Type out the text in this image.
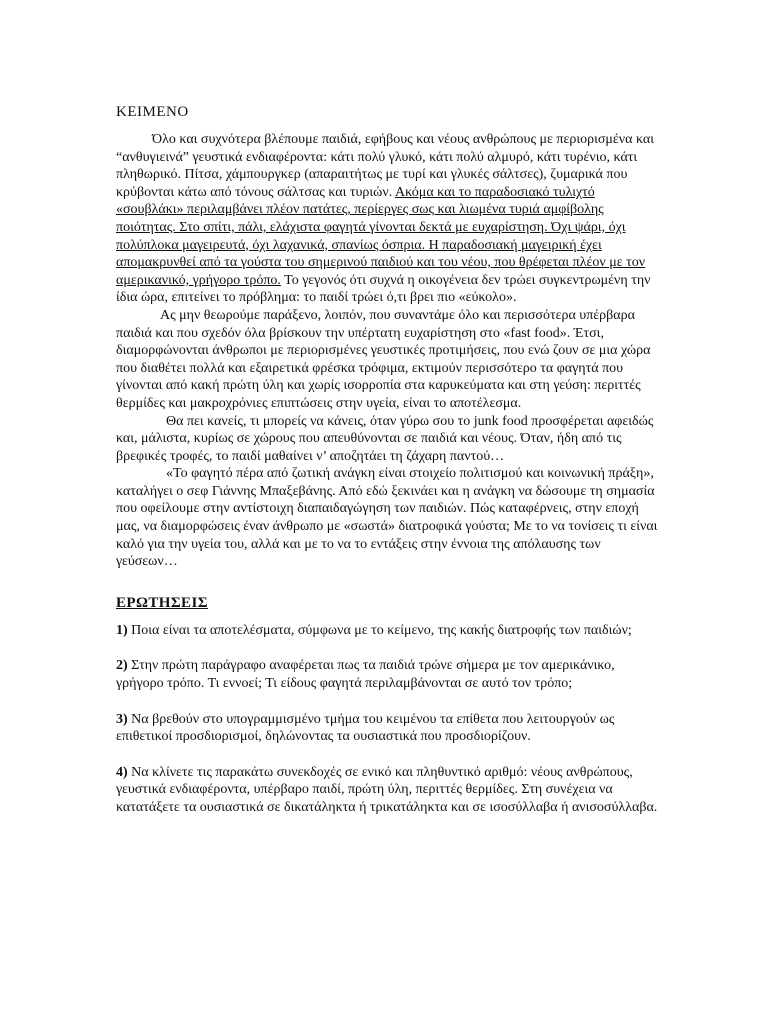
ΚΕΙΜΕΝΟ

Όλο και συχνότερα βλέπουμε παιδιά, εφήβους και νέους ανθρώπους με περιορισμένα και “ανθυγιεινά” γευστικά ενδιαφέροντα: κάτι πολύ γλυκό, κάτι πολύ αλμυρό, κάτι τυρένιο, κάτι πληθωρικό. Πίτσα, χάμπουργκερ (απαραιτήτως με τυρί και γλυκές σάλτσες), ζυμαρικά που κρύβονται κάτω από τόνους σάλτσας και τυριών. Ακόμα και το παραδοσιακό τυλιχτό «σουβλάκι» περιλαμβάνει πλέον πατάτες, περίεργες σως και λιωμένα τυριά αμφίβολης ποιότητας. Στο σπίτι, πάλι, ελάχιστα φαγητά γίνονται δεκτά με ευχαρίστηση. Όχι ψάρι, όχι πολύπλοκα μαγειρευτά, όχι λαχανικά, σπανίως όσπρια. Η παραδοσιακή μαγειρική έχει απομακρυνθεί από τα γούστα του σημερινού παιδιού και του νέου, που θρέφεται πλέον με τον αμερικανικό, γρήγορο τρόπο. Το γεγονός ότι συχνά η οικογένεια δεν τρώει συγκεντρωμένη την ίδια ώρα, επιτείνει το πρόβλημα: το παιδί τρώει ό,τι βρει πιο «εύκολο».

Ας μην θεωρούμε παράξενο, λοιπόν, που συναντάμε όλο και περισσότερα υπέρβαρα παιδιά και που σχεδόν όλα βρίσκουν την υπέρτατη ευχαρίστηση στο «fast food». Έτσι, διαμορφώνονται άνθρωποι με περιορισμένες γευστικές προτιμήσεις, που ενώ ζουν σε μια χώρα που διαθέτει πολλά και εξαιρετικά φρέσκα τρόφιμα, εκτιμούν περισσότερο τα φαγητά που γίνονται από κακή πρώτη ύλη και χωρίς ισορροπία στα καρυκεύματα και στη γεύση: περιττές θερμίδες και μακροχρόνιες επιπτώσεις στην υγεία, είναι το αποτέλεσμα.

Θα πει κανείς, τι μπορείς να κάνεις, όταν γύρω σου το junk food προσφέρεται αφειδώς και, μάλιστα, κυρίως σε χώρους που απευθύνονται σε παιδιά και νέους. Όταν, ήδη από τις βρεφικές τροφές, το παιδί μαθαίνει ν’ αποζητάει τη ζάχαρη παντού…

«Το φαγητό πέρα από ζωτική ανάγκη είναι στοιχείο πολιτισμού και κοινωνική πράξη», καταλήγει ο σεφ Γιάννης Μπαξεβάνης. Από εδώ ξεκινάει και η ανάγκη να δώσουμε τη σημασία που οφείλουμε στην αντίστοιχη διαπαιδαγώγηση των παιδιών. Πώς καταφέρνεις, στην εποχή μας, να διαμορφώσεις έναν άνθρωπο με «σωστά» διατροφικά γούστα; Με το να τονίσεις τι είναι καλό για την υγεία του, αλλά και με το να το εντάξεις στην έννοια της απόλαυσης των γεύσεων…

ΕΡΩΤΗΣΕΙΣ

1) Ποια είναι τα αποτελέσματα, σύμφωνα με το κείμενο, της κακής διατροφής των παιδιών;

2) Στην πρώτη παράγραφο αναφέρεται πως τα παιδιά τρώνε σήμερα με τον αμερικάνικο, γρήγορο τρόπο. Τι εννοεί; Τι είδους φαγητά περιλαμβάνονται σε αυτό τον τρόπο;

3) Να βρεθούν στο υπογραμμισμένο τμήμα του κειμένου τα επίθετα που λειτουργούν ως επιθετικοί προσδιορισμοί, δηλώνοντας τα ουσιαστικά που προσδιορίζουν.

4) Να κλίνετε τις παρακάτω συνεκδοχές σε ενικό και πληθυντικό αριθμό: νέους ανθρώπους, γευστικά ενδιαφέροντα, υπέρβαρο παιδί, πρώτη ύλη, περιττές θερμίδες. Στη συνέχεια να κατατάξετε τα ουσιαστικά σε δικατάληκτα ή τρικατάληκτα και σε ισοσύλλαβα ή ανισοσύλλαβα.
